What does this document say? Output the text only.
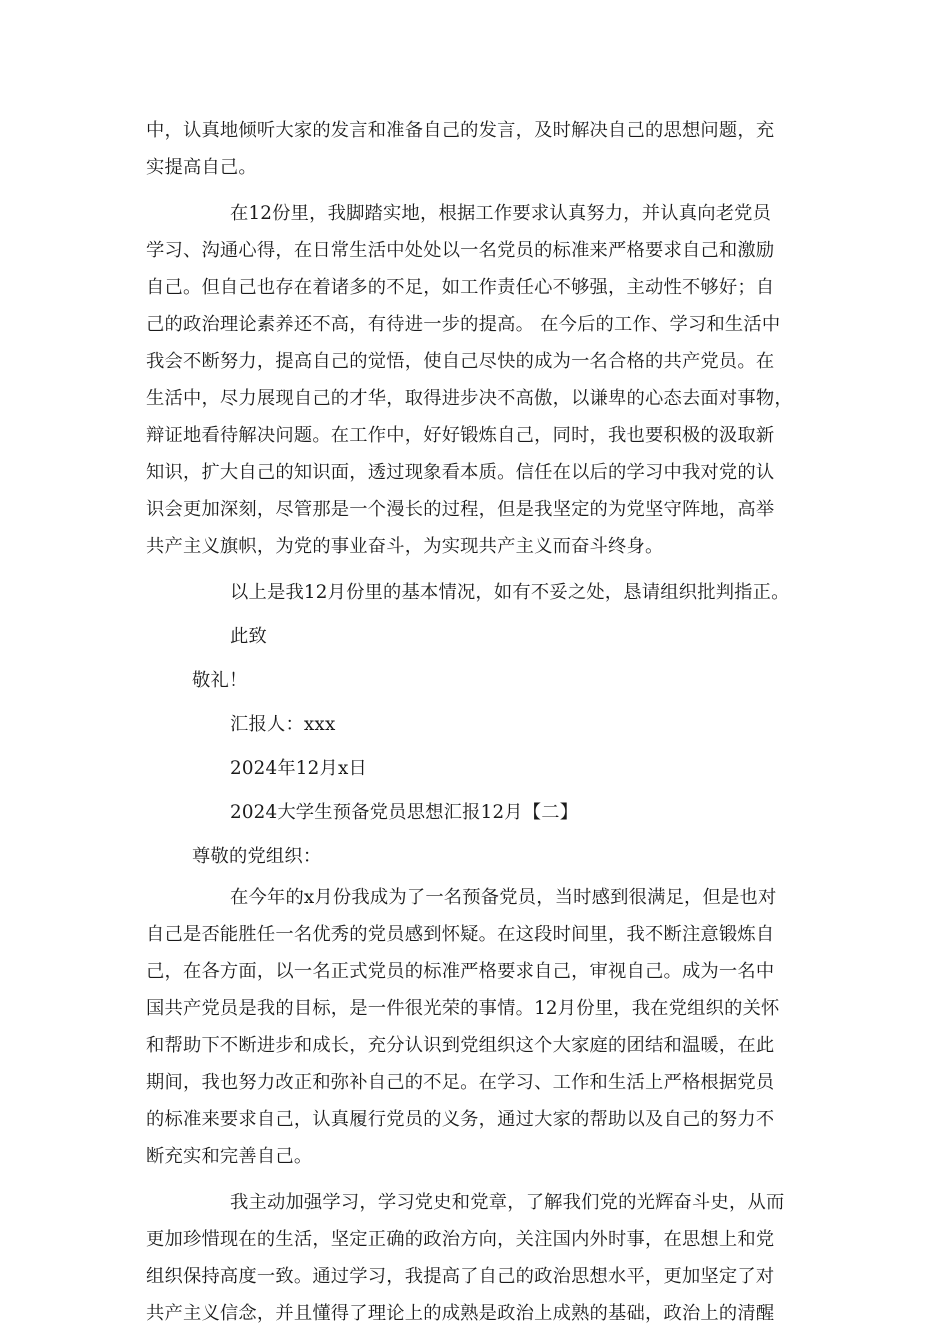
中，认真地倾听大家的发言和准备自己的发言，及时解决自己的思想问题，充
实提高自己。
在12份里，我脚踏实地，根据工作要求认真努力，并认真向老党员
学习、沟通心得，在日常生活中处处以一名党员的标准来严格要求自己和激励
自己。但自己也存在着诸多的不足，如工作责任心不够强，主动性不够好；自
己的政治理论素养还不高，有待进一步的提高。 在今后的工作、学习和生活中
我会不断努力，提高自己的觉悟，使自己尽快的成为一名合格的共产党员。在
生活中，尽力展现自己的才华，取得进步决不高傲，以谦卑的心态去面对事物，
辩证地看待解决问题。在工作中，好好锻炼自己，同时，我也要积极的汲取新
知识，扩大自己的知识面，透过现象看本质。信任在以后的学习中我对党的认
识会更加深刻，尽管那是一个漫长的过程，但是我坚定的为党坚守阵地，高举
共产主义旗帜，为党的事业奋斗，为实现共产主义而奋斗终身。
以上是我12月份里的基本情况，如有不妥之处，恳请组织批判指正。
此致
敬礼！
汇报人：xxx
2024年12月x日
2024大学生预备党员思想汇报12月【二】
尊敬的党组织：
在今年的x月份我成为了一名预备党员，当时感到很满足，但是也对
自己是否能胜任一名优秀的党员感到怀疑。在这段时间里，我不断注意锻炼自
己，在各方面，以一名正式党员的标准严格要求自己，审视自己。成为一名中
国共产党员是我的目标，是一件很光荣的事情。12月份里，我在党组织的关怀
和帮助下不断进步和成长，充分认识到党组织这个大家庭的团结和温暖，在此
期间，我也努力改正和弥补自己的不足。在学习、工作和生活上严格根据党员
的标准来要求自己，认真履行党员的义务，通过大家的帮助以及自己的努力不
断充实和完善自己。
我主动加强学习，学习党史和党章，了解我们党的光辉奋斗史，从而
更加珍惜现在的生活，坚定正确的政治方向，关注国内外时事，在思想上和党
组织保持高度一致。通过学习，我提高了自己的政治思想水平，更加坚定了对
共产主义信念，并且懂得了理论上的成熟是政治上成熟的基础，政治上的清醒
